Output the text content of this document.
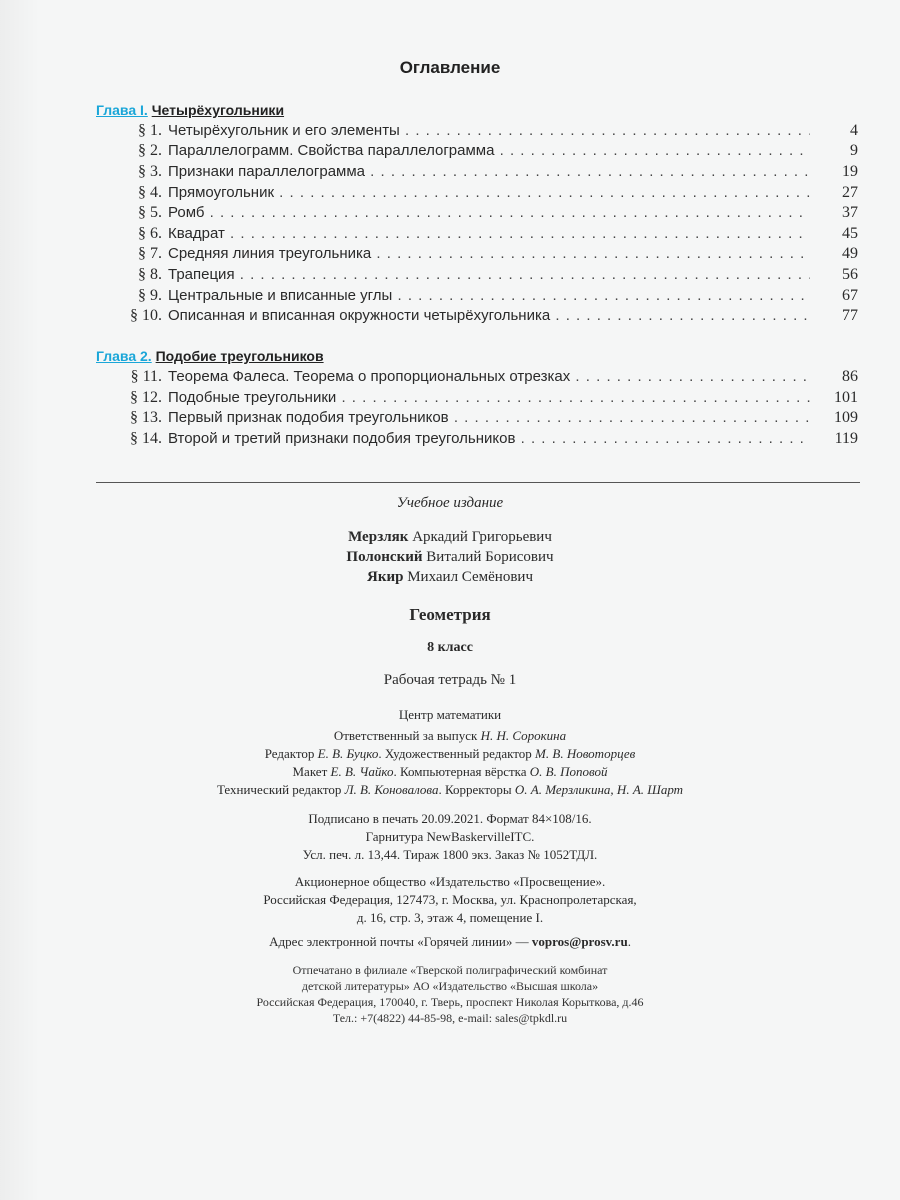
Оглавление
Глава I. Четырёхугольники
§ 1. Четырёхугольник и его элементы . . .	4
§ 2. Параллелограмм. Свойства параллелограмма . . .	9
§ 3. Признаки параллелограмма . . .	19
§ 4. Прямоугольник . . .	27
§ 5. Ромб . . .	37
§ 6. Квадрат . . .	45
§ 7. Средняя линия треугольника . . .	49
§ 8. Трапеция . . .	56
§ 9. Центральные и вписанные углы . . .	67
§ 10. Описанная и вписанная окружности четырёхугольника . . .	77
Глава 2. Подобие треугольников
§ 11. Теорема Фалеса. Теорема о пропорциональных отрезках . . .	86
§ 12. Подобные треугольники . . .	101
§ 13. Первый признак подобия треугольников . . .	109
§ 14. Второй и третий признаки подобия треугольников . . .	119
Учебное издание
Мерзляк Аркадий Григорьевич
Полонский Виталий Борисович
Якир Михаил Семёнович
Геометрия
8 класс
Рабочая тетрадь № 1
Центр математики
Ответственный за выпуск Н. Н. Сорокина
Редактор Е. В. Буцко. Художественный редактор М. В. Новоторцев
Макет Е. В. Чайко. Компьютерная вёрстка О. В. Поповой
Технический редактор Л. В. Коновалова. Корректоры О. А. Мерзликина, Н. А. Шарт
Подписано в печать 20.09.2021. Формат 84×108/16.
Гарнитура NewBaskervilleITC.
Усл. печ. л. 13,44. Тираж 1800 экз. Заказ № 1052ТДЛ.
Акционерное общество «Издательство «Просвещение».
Российская Федерация, 127473, г. Москва, ул. Краснопролетарская,
д. 16, стр. 3, этаж 4, помещение I.
Адрес электронной почты «Горячей линии» — vopros@prosv.ru.
Отпечатано в филиале «Тверской полиграфический комбинат
детской литературы» АО «Издательство «Высшая школа»
Российская Федерация, 170040, г. Тверь, проспект Николая Корыткова, д.46
Тел.: +7(4822) 44-85-98, e-mail: sales@tpkdl.ru
